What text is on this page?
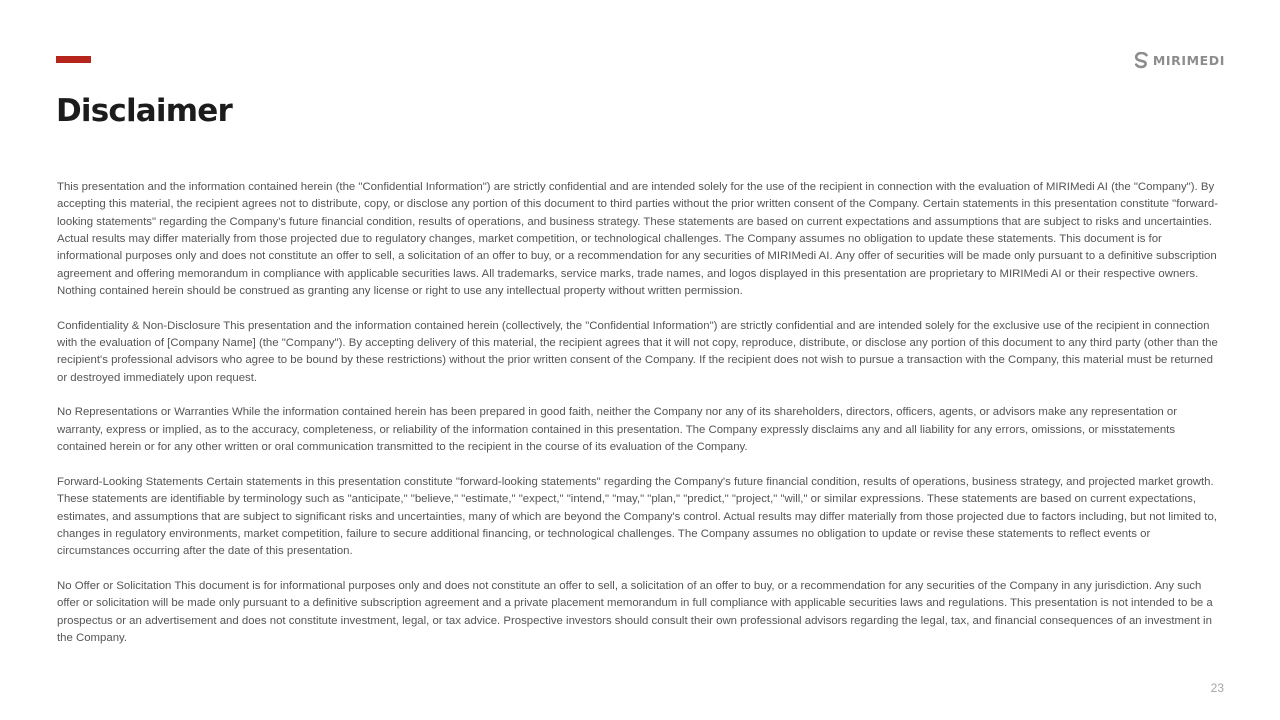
Disclaimer
MIRIMEDI

This presentation and the information contained herein (the "Confidential Information") are strictly confidential and are intended solely for the use of the recipient in connection with the evaluation of MIRIMedi AI (the "Company"). By accepting this material, the recipient agrees not to distribute, copy, or disclose any portion of this document to third parties without the prior written consent of the Company. Certain statements in this presentation constitute "forward-looking statements" regarding the Company's future financial condition, results of operations, and business strategy. These statements are based on current expectations and assumptions that are subject to risks and uncertainties. Actual results may differ materially from those projected due to regulatory changes, market competition, or technological challenges. The Company assumes no obligation to update these statements. This document is for informational purposes only and does not constitute an offer to sell, a solicitation of an offer to buy, or a recommendation for any securities of MIRIMedi AI. Any offer of securities will be made only pursuant to a definitive subscription agreement and offering memorandum in compliance with applicable securities laws. All trademarks, service marks, trade names, and logos displayed in this presentation are proprietary to MIRIMedi AI or their respective owners. Nothing contained herein should be construed as granting any license or right to use any intellectual property without written permission.

Confidentiality & Non-Disclosure This presentation and the information contained herein (collectively, the "Confidential Information") are strictly confidential and are intended solely for the exclusive use of the recipient in connection with the evaluation of [Company Name] (the "Company"). By accepting delivery of this material, the recipient agrees that it will not copy, reproduce, distribute, or disclose any portion of this document to any third party (other than the recipient's professional advisors who agree to be bound by these restrictions) without the prior written consent of the Company. If the recipient does not wish to pursue a transaction with the Company, this material must be returned or destroyed immediately upon request.

No Representations or Warranties While the information contained herein has been prepared in good faith, neither the Company nor any of its shareholders, directors, officers, agents, or advisors make any representation or warranty, express or implied, as to the accuracy, completeness, or reliability of the information contained in this presentation. The Company expressly disclaims any and all liability for any errors, omissions, or misstatements contained herein or for any other written or oral communication transmitted to the recipient in the course of its evaluation of the Company.

Forward-Looking Statements Certain statements in this presentation constitute "forward-looking statements" regarding the Company's future financial condition, results of operations, business strategy, and projected market growth. These statements are identifiable by terminology such as "anticipate," "believe," "estimate," "expect," "intend," "may," "plan," "predict," "project," "will," or similar expressions. These statements are based on current expectations, estimates, and assumptions that are subject to significant risks and uncertainties, many of which are beyond the Company's control. Actual results may differ materially from those projected due to factors including, but not limited to, changes in regulatory environments, market competition, failure to secure additional financing, or technological challenges. The Company assumes no obligation to update or revise these statements to reflect events or circumstances occurring after the date of this presentation.

No Offer or Solicitation This document is for informational purposes only and does not constitute an offer to sell, a solicitation of an offer to buy, or a recommendation for any securities of the Company in any jurisdiction. Any such offer or solicitation will be made only pursuant to a definitive subscription agreement and a private placement memorandum in full compliance with applicable securities laws and regulations. This presentation is not intended to be a prospectus or an advertisement and does not constitute investment, legal, or tax advice. Prospective investors should consult their own professional advisors regarding the legal, tax, and financial consequences of an investment in the Company.

23
